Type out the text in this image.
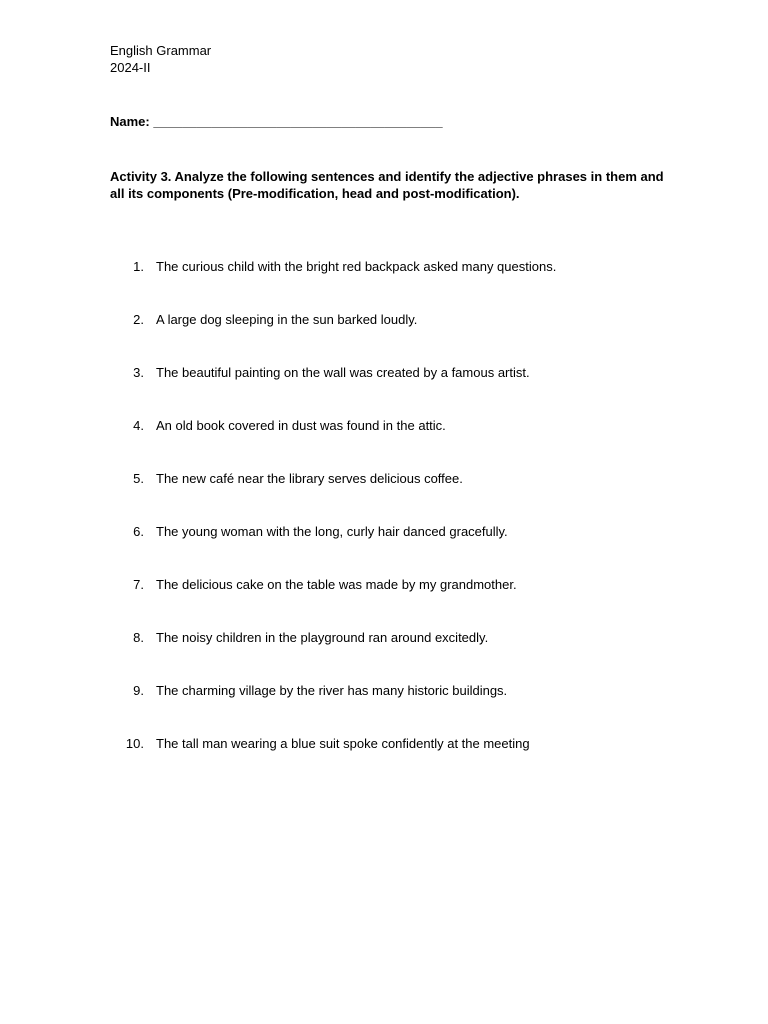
English Grammar
2024-II
Name: ________________________________________
Activity 3. Analyze the following sentences and identify the adjective phrases in them and all its components (Pre-modification, head and post-modification).
1. The curious child with the bright red backpack asked many questions.
2. A large dog sleeping in the sun barked loudly.
3. The beautiful painting on the wall was created by a famous artist.
4. An old book covered in dust was found in the attic.
5. The new café near the library serves delicious coffee.
6. The young woman with the long, curly hair danced gracefully.
7. The delicious cake on the table was made by my grandmother.
8. The noisy children in the playground ran around excitedly.
9. The charming village by the river has many historic buildings.
10. The tall man wearing a blue suit spoke confidently at the meeting
